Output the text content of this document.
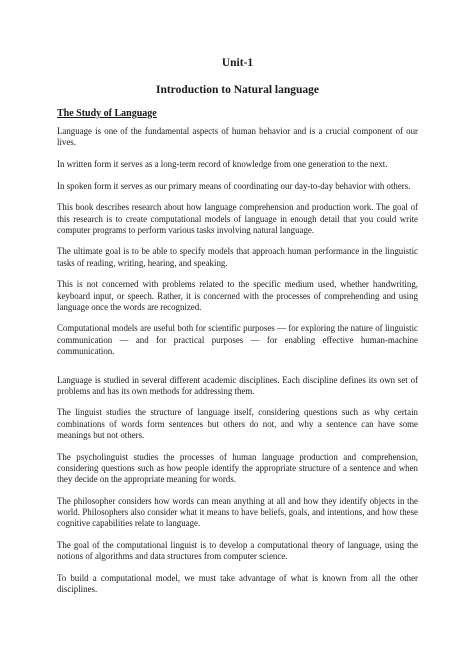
Unit-1
Introduction to Natural language
The Study of Language
Language is one of the fundamental aspects of human behavior and is a crucial component of our lives.
In written form it serves as a long-term record of knowledge from one generation to the next.
In spoken form it serves as our primary means of coordinating our day-to-day behavior with others.
This book describes research about how language comprehension and production work. The goal of this research is to create computational models of language in enough detail that you could write computer programs to perform various tasks involving natural language.
The ultimate goal is to be able to specify models that approach human performance in the linguistic tasks of reading, writing, hearing, and speaking.
This is not concerned with problems related to the specific medium used, whether handwriting, keyboard input, or speech. Rather, it is concerned with the processes of comprehending and using language once the words are recognized.
Computational models are useful both for scientific purposes — for exploring the nature of linguistic communication — and for practical purposes — for enabling effective human-machine communication.
Language is studied in several different academic disciplines. Each discipline defines its own set of problems and has its own methods for addressing them.
The linguist studies the structure of language itself, considering questions such as why certain combinations of words form sentences but others do not, and why a sentence can have some meanings but not others.
The psycholinguist studies the processes of human language production and comprehension, considering questions such as how people identify the appropriate structure of a sentence and when they decide on the appropriate meaning for words.
The philosopher considers how words can mean anything at all and how they identify objects in the world. Philosophers also consider what it means to have beliefs, goals, and intentions, and how these cognitive capabilities relate to language.
The goal of the computational linguist is to develop a computational theory of language, using the notions of algorithms and data structures from computer science.
To build a computational model, we must take advantage of what is known from all the other disciplines.
